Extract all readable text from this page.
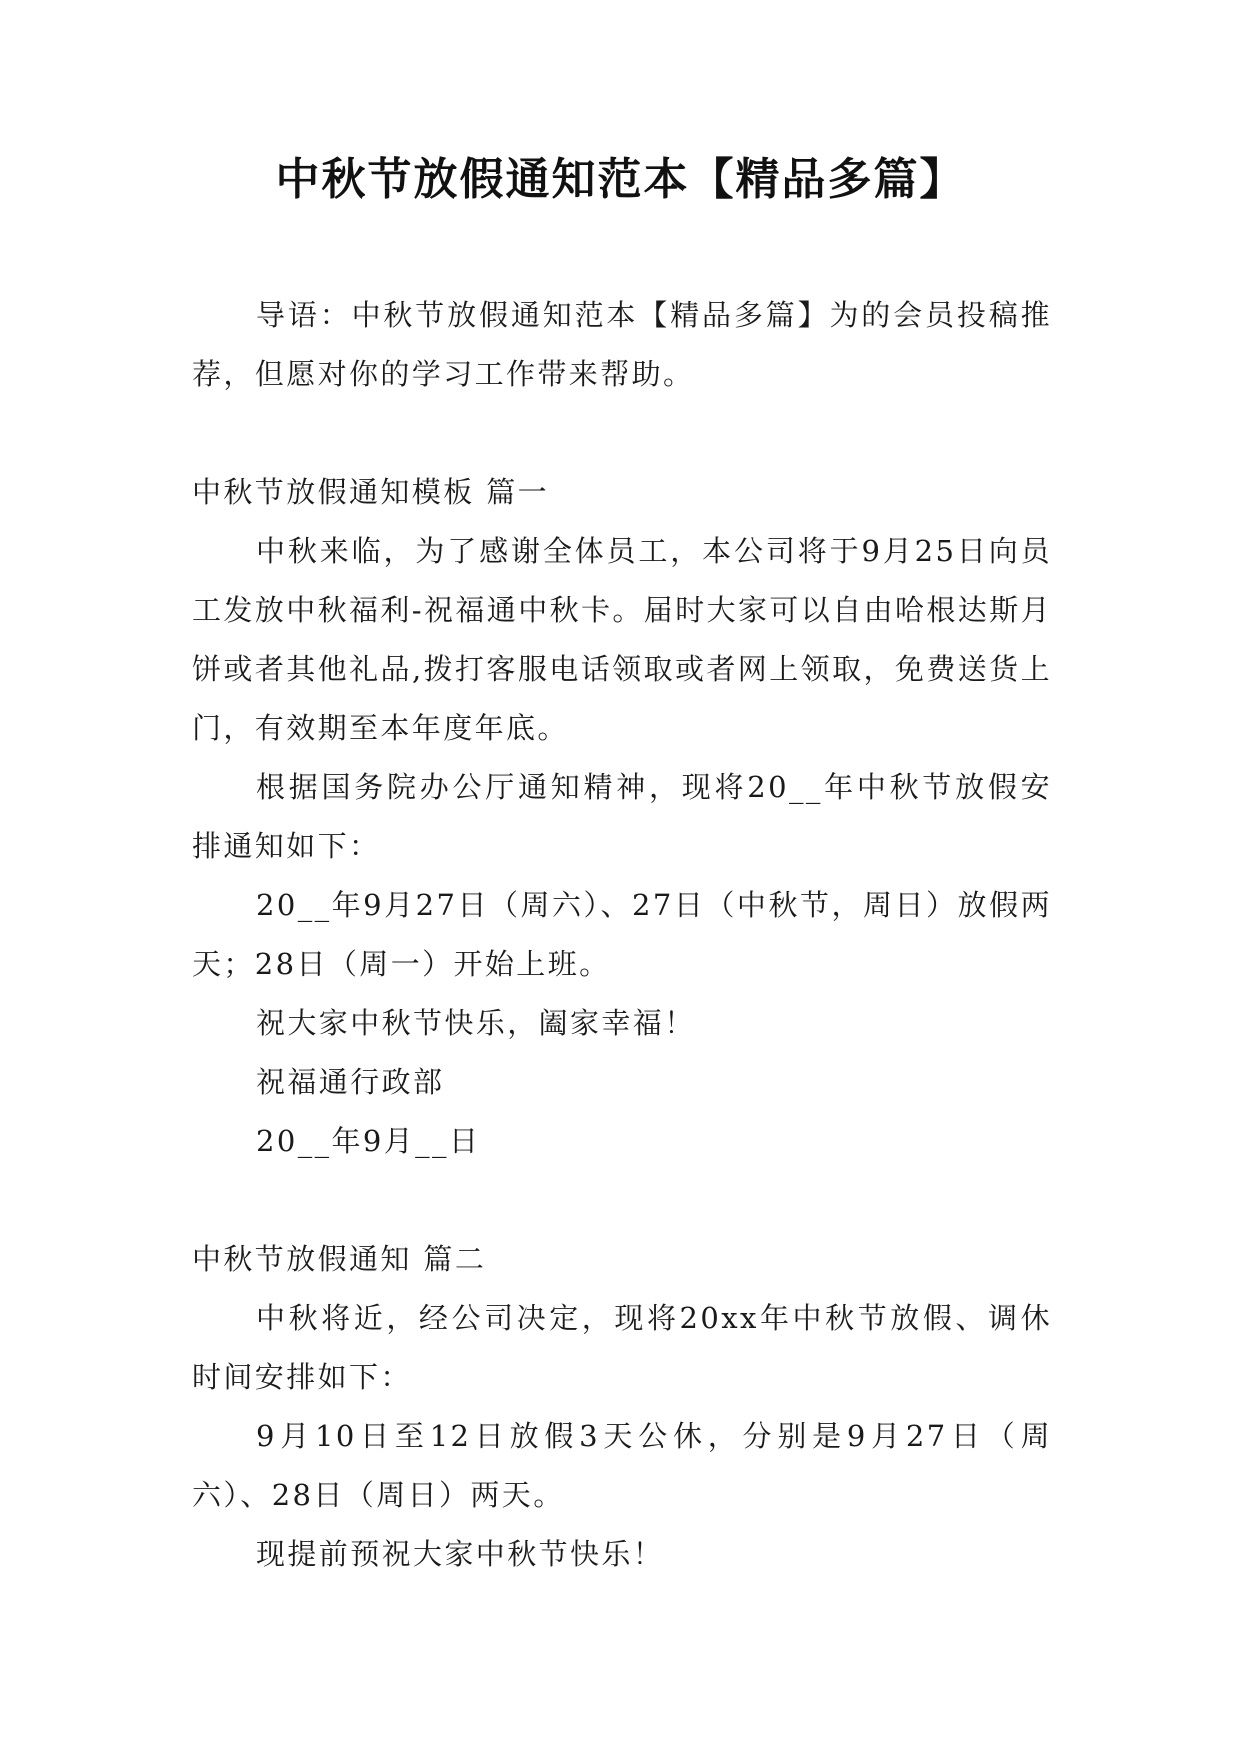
中秋节放假通知范本【精品多篇】

导语：中秋节放假通知范本【精品多篇】为的会员投稿推荐，但愿对你的学习工作带来帮助。

中秋节放假通知模板 篇一

中秋来临，为了感谢全体员工，本公司将于9月25日向员工发放中秋福利-祝福通中秋卡。届时大家可以自由哈根达斯月饼或者其他礼品,拨打客服电话领取或者网上领取，免费送货上门，有效期至本年度年底。

根据国务院办公厅通知精神，现将20__年中秋节放假安排通知如下：

20__年9月27日（周六）、27日（中秋节，周日）放假两天；28日（周一）开始上班。

祝大家中秋节快乐，阖家幸福！

祝福通行政部

20__年9月__日

中秋节放假通知 篇二

中秋将近，经公司决定，现将20xx年中秋节放假、调休时间安排如下：

9月10日至12日放假3天公休，分别是9月27日（周六）、28日（周日）两天。

现提前预祝大家中秋节快乐！
